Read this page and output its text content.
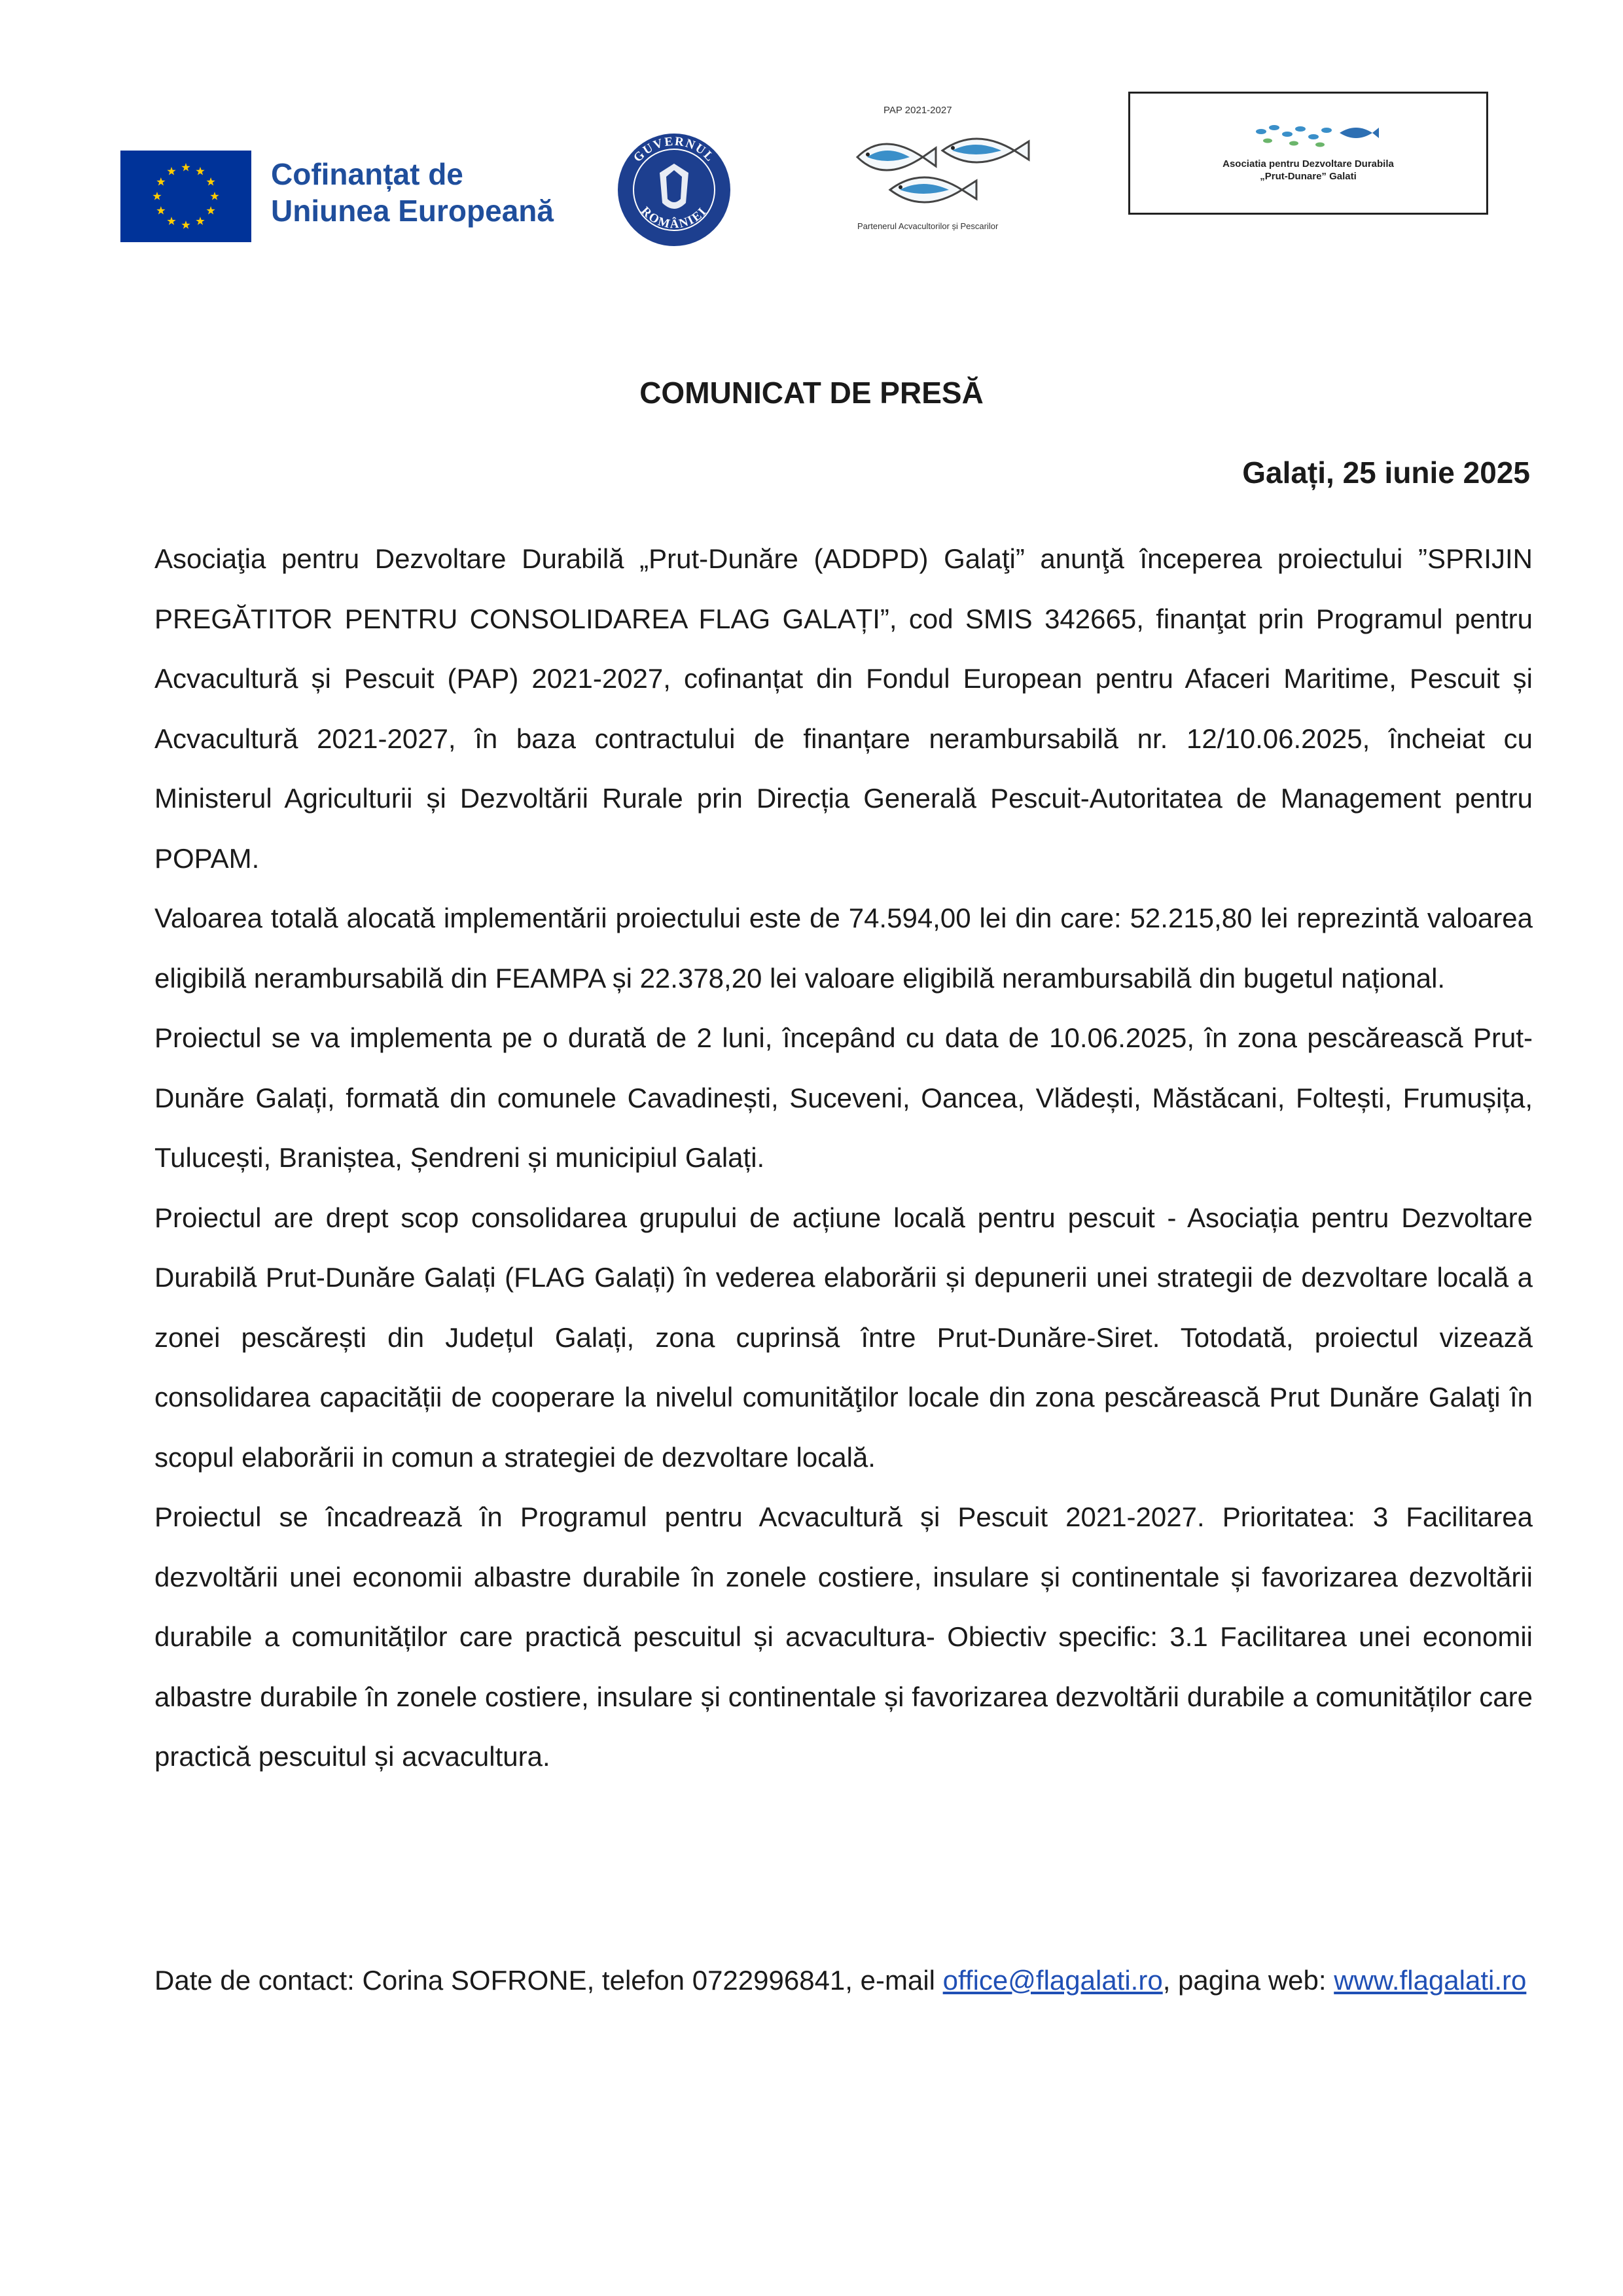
Cofinanțat de
Uniunea Europeană
GUVERNUL
ROMÂNIEI
PAP 2021-2027
Partenerul Acvacultorilor și Pescarilor
Asociatia pentru Dezvoltare Durabila
„Prut-Dunare” Galati
COMUNICAT DE PRESĂ
Galați, 25 iunie 2025

Asociaţia pentru Dezvoltare Durabilă „Prut-Dunăre (ADDPD) Galaţi” anunţă începerea proiectului ”SPRIJIN PREGĂTITOR PENTRU CONSOLIDAREA FLAG GALAȚI”, cod SMIS 342665, finanţat prin Programul pentru Acvacultură și Pescuit (PAP) 2021-2027, cofinanțat din Fondul European pentru Afaceri Maritime, Pescuit și Acvacultură 2021-2027, în baza contractului de finanțare nerambursabilă nr. 12/10.06.2025, încheiat cu Ministerul Agriculturii și Dezvoltării Rurale prin Direcția Generală Pescuit-Autoritatea de Management pentru POPAM.

Valoarea totală alocată implementării proiectului este de 74.594,00 lei din care: 52.215,80 lei reprezintă valoarea eligibilă nerambursabilă din FEAMPA și 22.378,20 lei valoare eligibilă nerambursabilă din bugetul național.

Proiectul se va implementa pe o durată de 2 luni, începând cu data de 10.06.2025, în zona pescărească Prut-Dunăre Galați, formată din comunele Cavadinești, Suceveni, Oancea, Vlădești, Măstăcani, Foltești, Frumușița, Tulucești, Braniștea, Șendreni și municipiul Galați.

Proiectul are drept scop consolidarea grupului de acțiune locală pentru pescuit - Asociația pentru Dezvoltare Durabilă Prut-Dunăre Galați (FLAG Galați) în vederea elaborării și depunerii unei strategii de dezvoltare locală a zonei pescărești din Județul Galați, zona cuprinsă între Prut-Dunăre-Siret. Totodată, proiectul vizează consolidarea capacității de cooperare la nivelul comunităţilor locale din zona pescărească Prut Dunăre Galaţi în scopul elaborării in comun a strategiei de dezvoltare locală.

Proiectul se încadrează în Programul pentru Acvacultură și Pescuit 2021-2027. Prioritatea: 3 Facilitarea dezvoltării unei economii albastre durabile în zonele costiere, insulare și continentale și favorizarea dezvoltării durabile a comunităților care practică pescuitul și acvacultura- Obiectiv specific: 3.1 Facilitarea unei economii albastre durabile în zonele costiere, insulare și continentale și favorizarea dezvoltării durabile a comunităților care practică pescuitul și acvacultura.

Date de contact: Corina SOFRONE, telefon 0722996841, e-mail office@flagalati.ro, pagina web: www.flagalati.ro
